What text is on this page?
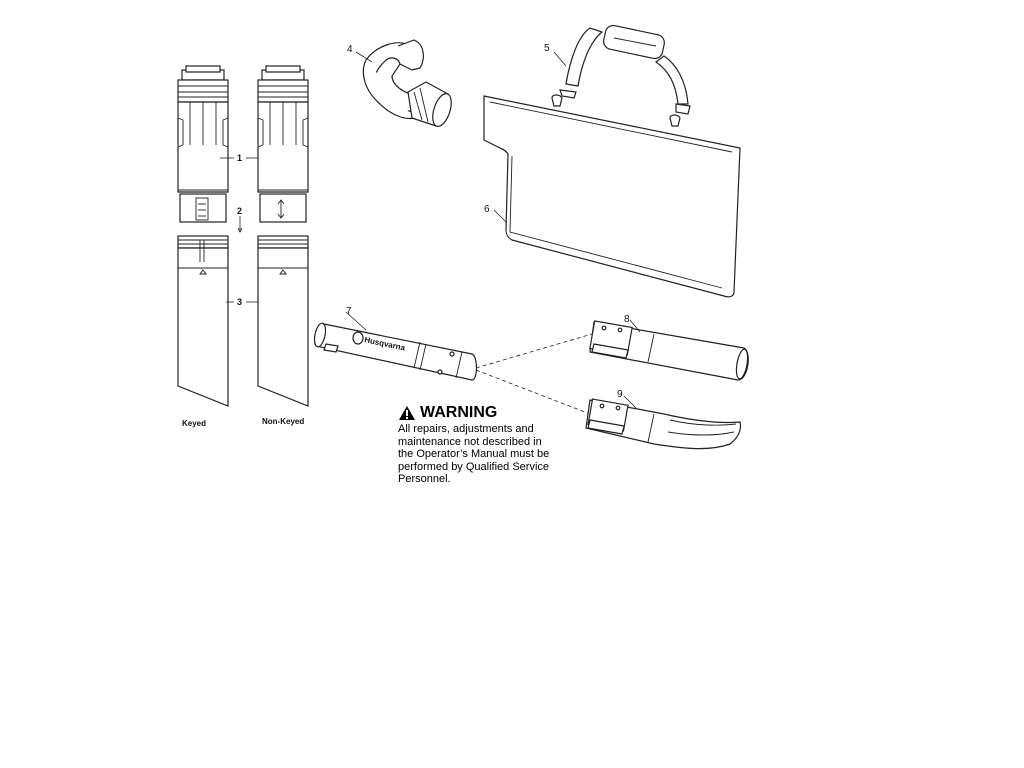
1
2
3
Keyed	Non-Keyed
4
6
5
Husqvarna
7
8
9
WARNING
All repairs, adjustments and
maintenance not described in
the Operator’s Manual must be
performed by Qualified Service
Personnel.
